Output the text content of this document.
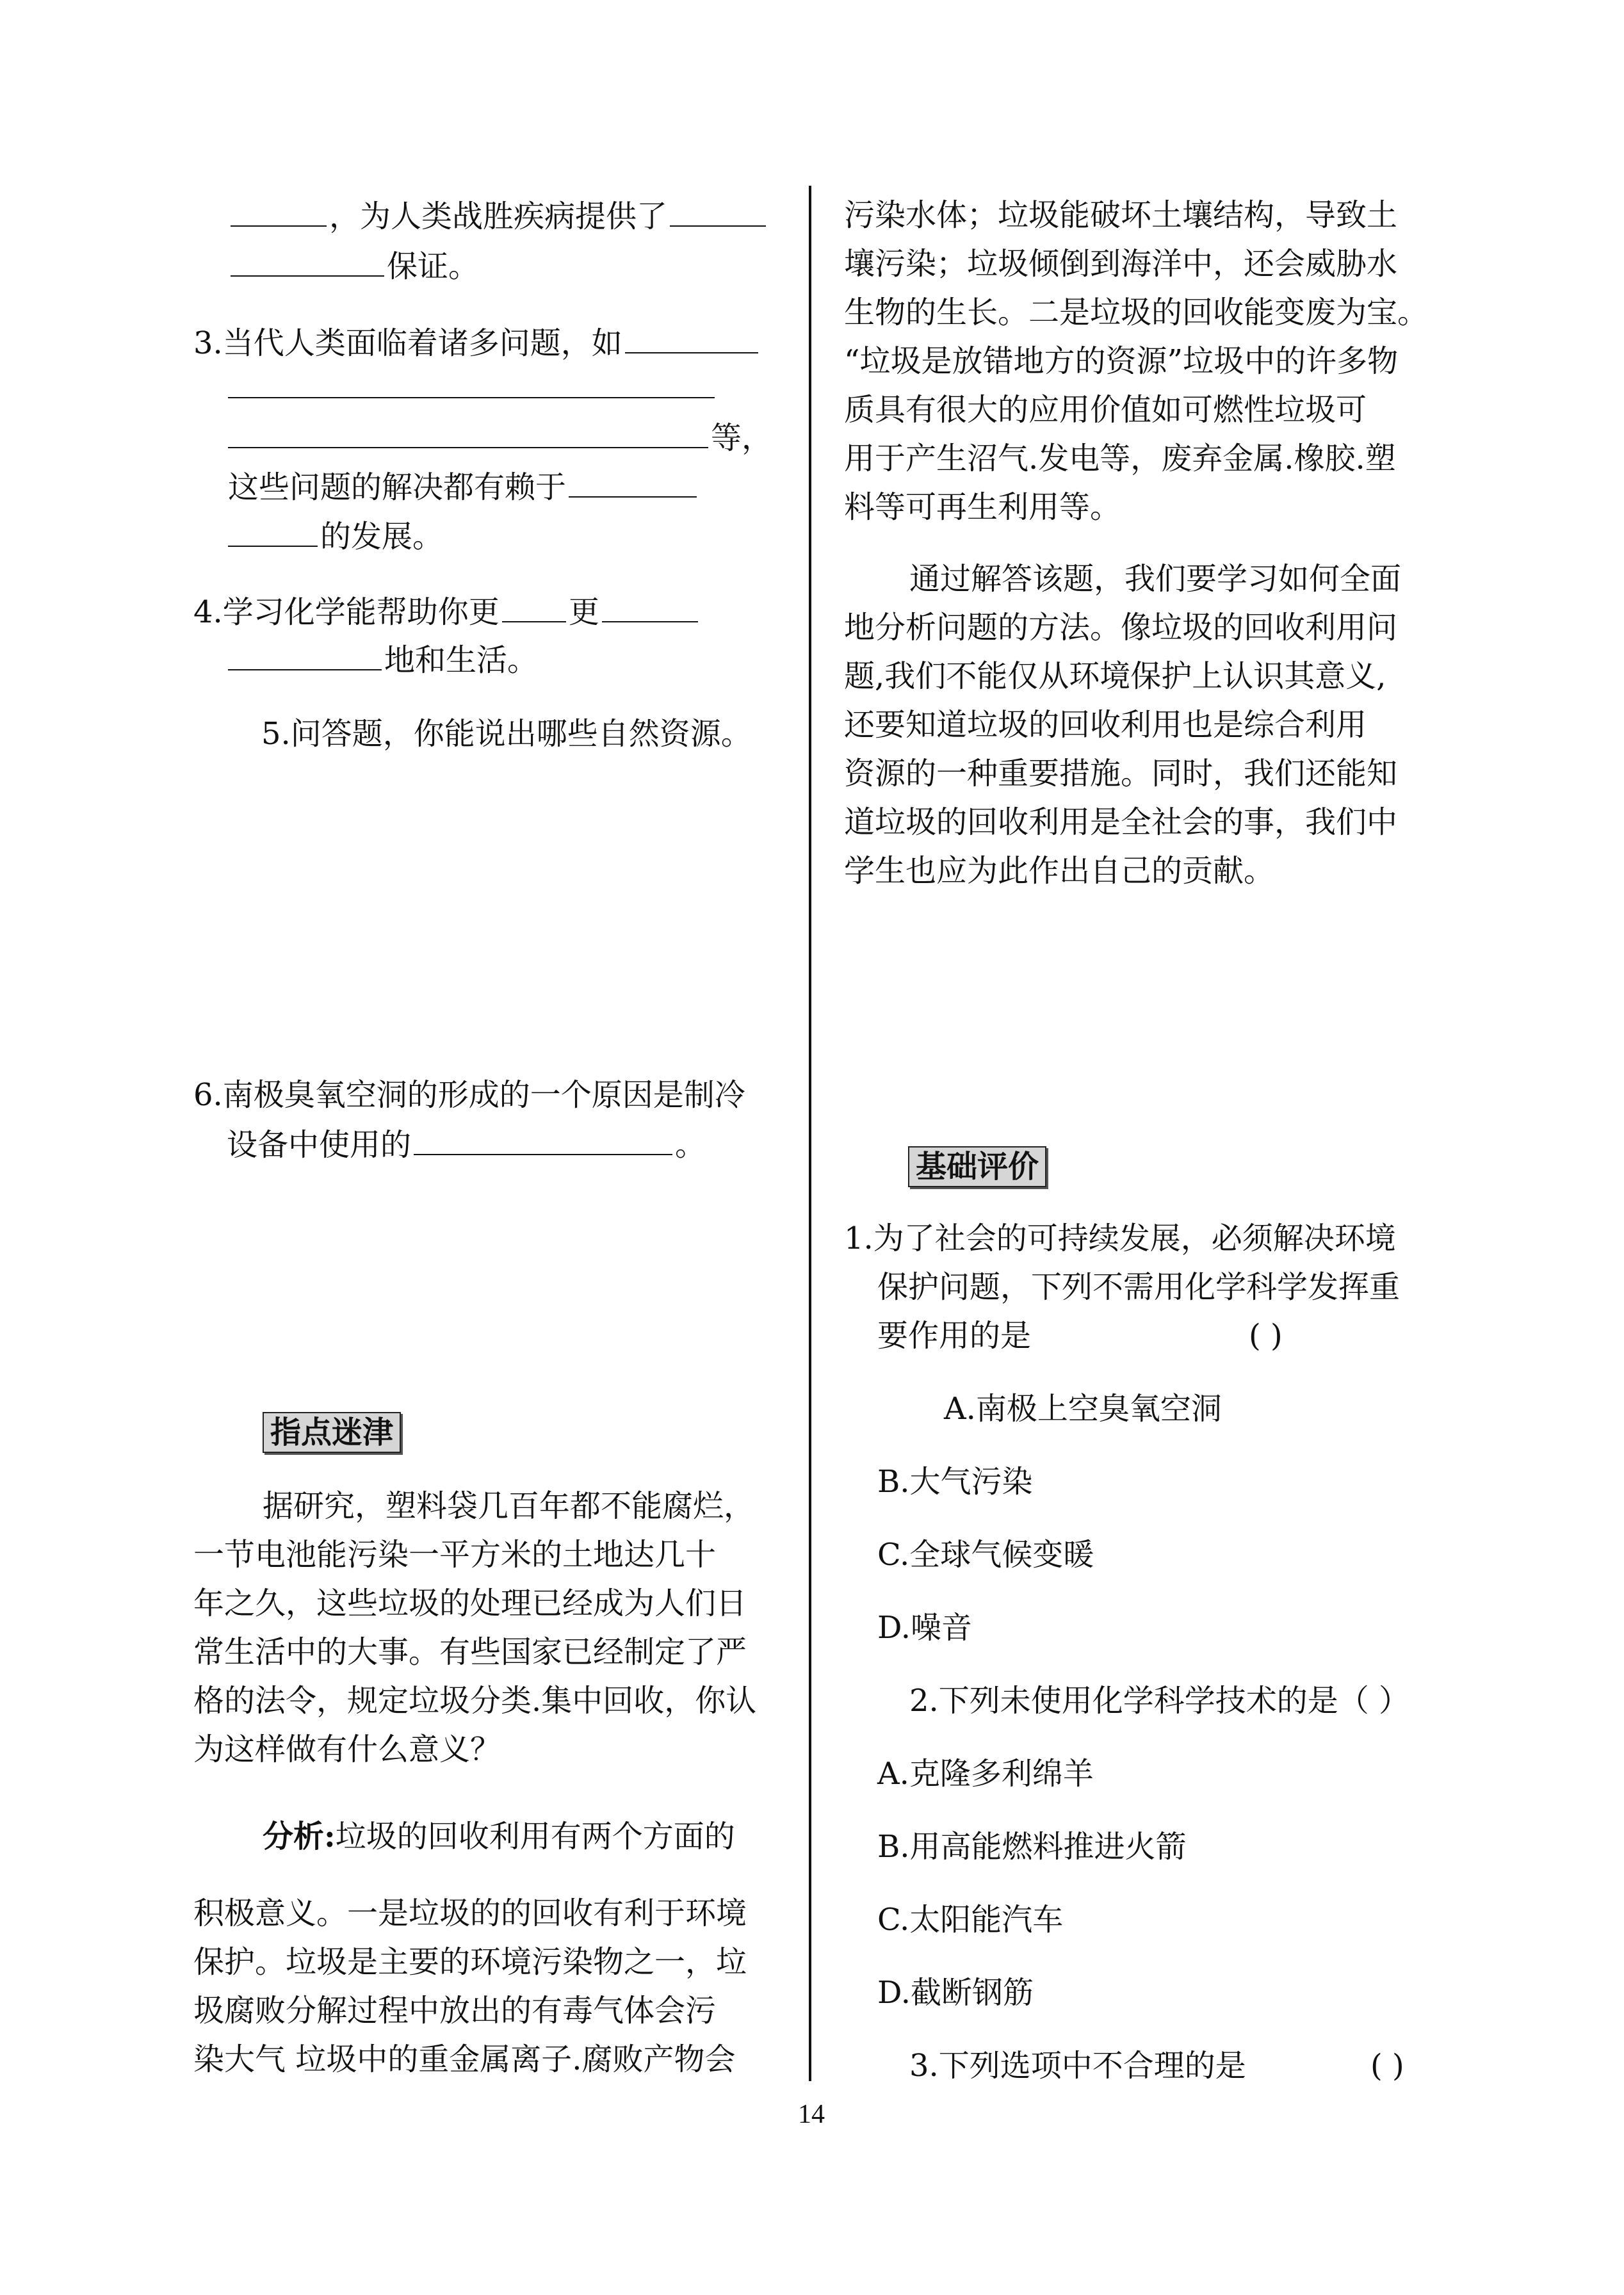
，为人类战胜疾病提供了
保证。
3.当代人类面临着诸多问题，如
等，
这些问题的解决都有赖于
的发展。
4.学习化学能帮助你更 更
地和生活。
5.问答题，你能说出哪些自然资源。
6.南极臭氧空洞的形成的一个原因是制冷
设备中使用的	。
指点迷津
据研究，塑料袋几百年都不能腐烂，
一节电池能污染一平方米的土地达几十
年之久，这些垃圾的处理已经成为人们日
常生活中的大事。有些国家已经制定了严
格的法令，规定垃圾分类.集中回收，你认
为这样做有什么意义？
分析:垃圾的回收利用有两个方面的
积极意义。一是垃圾的的回收有利于环境
保护。垃圾是主要的环境污染物之一，垃
圾腐败分解过程中放出的有毒气体会污
染大气 垃圾中的重金属离子.腐败产物会
污染水体；垃圾能破坏土壤结构，导致土
壤污染；垃圾倾倒到海洋中，还会威胁水
生物的生长。二是垃圾的回收能变废为宝。
“垃圾是放错地方的资源”垃圾中的许多物
质具有很大的应用价值如可燃性垃圾可
用于产生沼气.发电等，废弃金属.橡胶.塑
料等可再生利用等。
通过解答该题，我们要学习如何全面
地分析问题的方法。像垃圾的回收利用问
题,我们不能仅从环境保护上认识其意义,
还要知道垃圾的回收利用也是综合利用
资源的一种重要措施。同时，我们还能知
道垃圾的回收利用是全社会的事，我们中
学生也应为此作出自己的贡献。
基础评价
1.为了社会的可持续发展，必须解决环境
保护问题，下列不需用化学科学发挥重
要作用的是	( )
A.南极上空臭氧空洞
B.大气污染
C.全球气候变暖
D.噪音
2.下列未使用化学科学技术的是（ ）
A.克隆多利绵羊
B.用高能燃料推进火箭
C.太阳能汽车
D.截断钢筋
3.下列选项中不合理的是	( )
14
